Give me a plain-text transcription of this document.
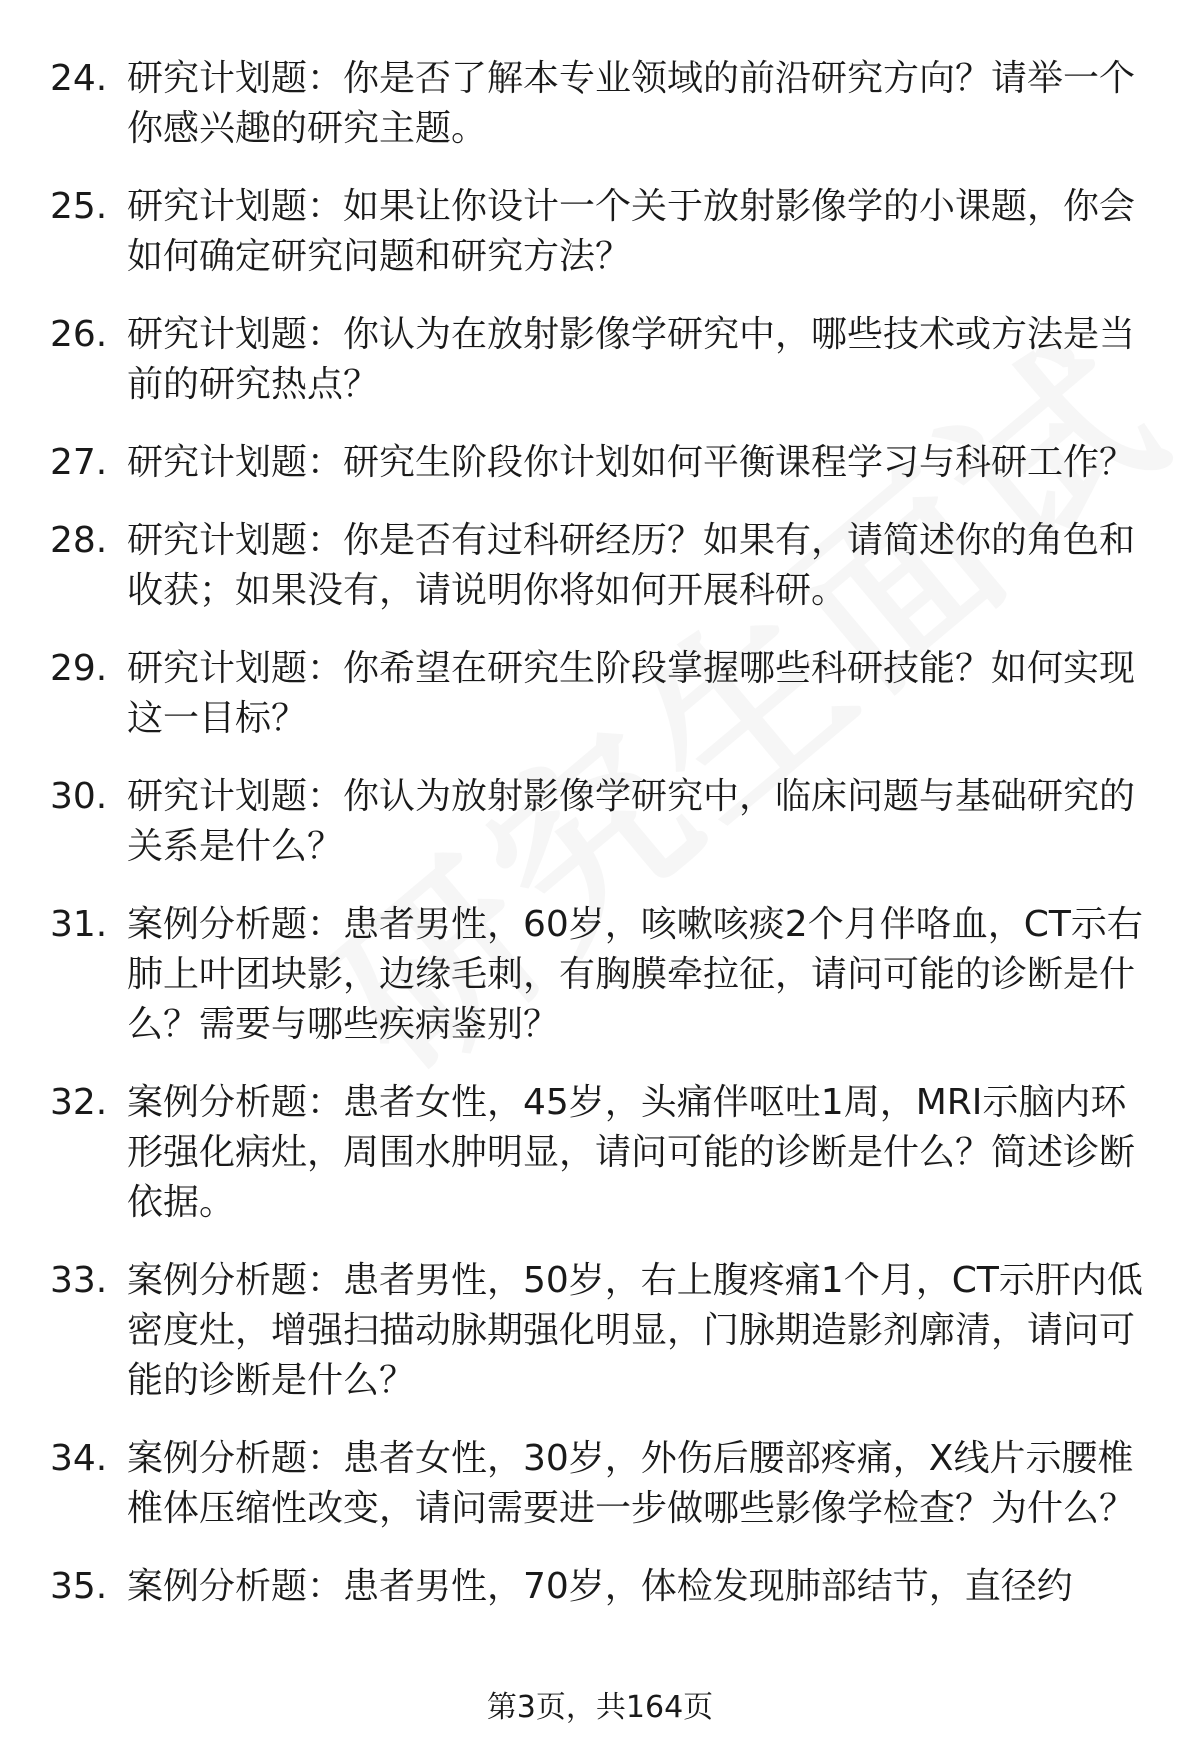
24. 研究计划题：你是否了解本专业领域的前沿研究方向？请举一个你感兴趣的研究主题。
25. 研究计划题：如果让你设计一个关于放射影像学的小课题，你会如何确定研究问题和研究方法？
26. 研究计划题：你认为在放射影像学研究中，哪些技术或方法是当前的研究热点？
27. 研究计划题：研究生阶段你计划如何平衡课程学习与科研工作？
28. 研究计划题：你是否有过科研经历？如果有，请简述你的角色和收获；如果没有，请说明你将如何开展科研。
29. 研究计划题：你希望在研究生阶段掌握哪些科研技能？如何实现这一目标？
30. 研究计划题：你认为放射影像学研究中，临床问题与基础研究的关系是什么？
31. 案例分析题：患者男性，60岁，咳嗽咳痰2个月伴咯血，CT示右肺上叶团块影，边缘毛刺，有胸膜牵拉征，请问可能的诊断是什么？需要与哪些疾病鉴别？
32. 案例分析题：患者女性，45岁，头痛伴呕吐1周，MRI示脑内环形强化病灶，周围水肿明显，请问可能的诊断是什么？简述诊断依据。
33. 案例分析题：患者男性，50岁，右上腹疼痛1个月，CT示肝内低密度灶，增强扫描动脉期强化明显，门脉期造影剂廓清，请问可能的诊断是什么？
34. 案例分析题：患者女性，30岁，外伤后腰部疼痛，X线片示腰椎椎体压缩性改变，请问需要进一步做哪些影像学检查？为什么？
35. 案例分析题：患者男性，70岁，体检发现肺部结节，直径约
第3页，共164页
